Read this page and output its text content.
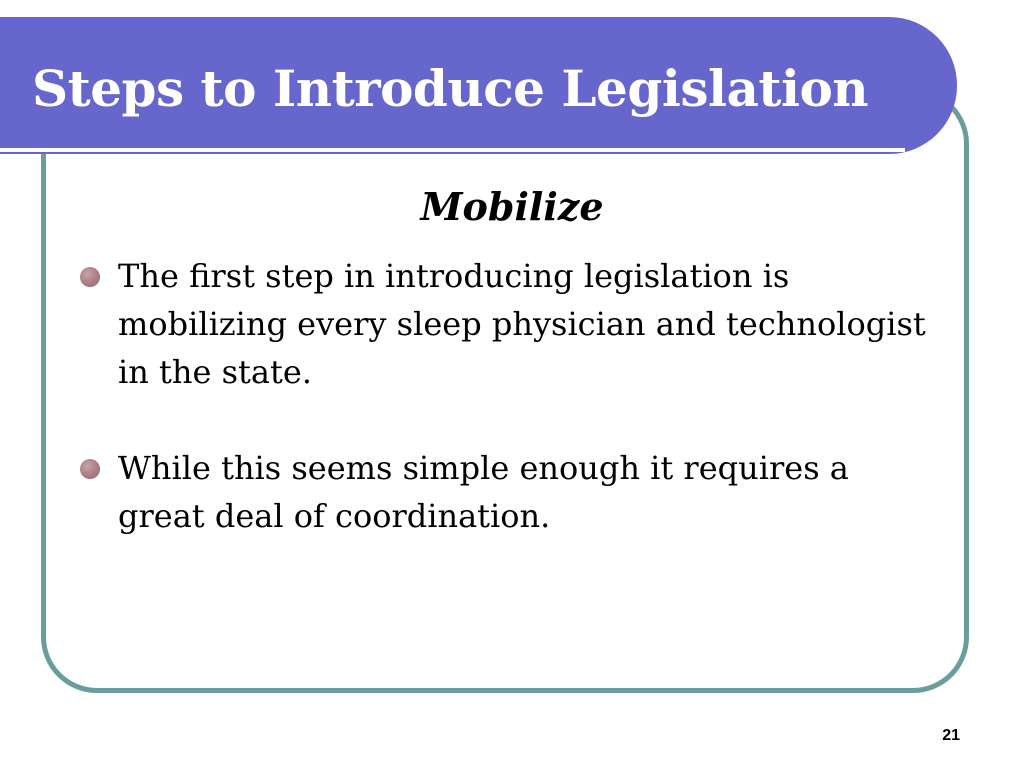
Steps to Introduce Legislation
Mobilize
The first step in introducing legislation is mobilizing every sleep physician and technologist in the state.
While this seems simple enough it requires a great deal of coordination.
21
